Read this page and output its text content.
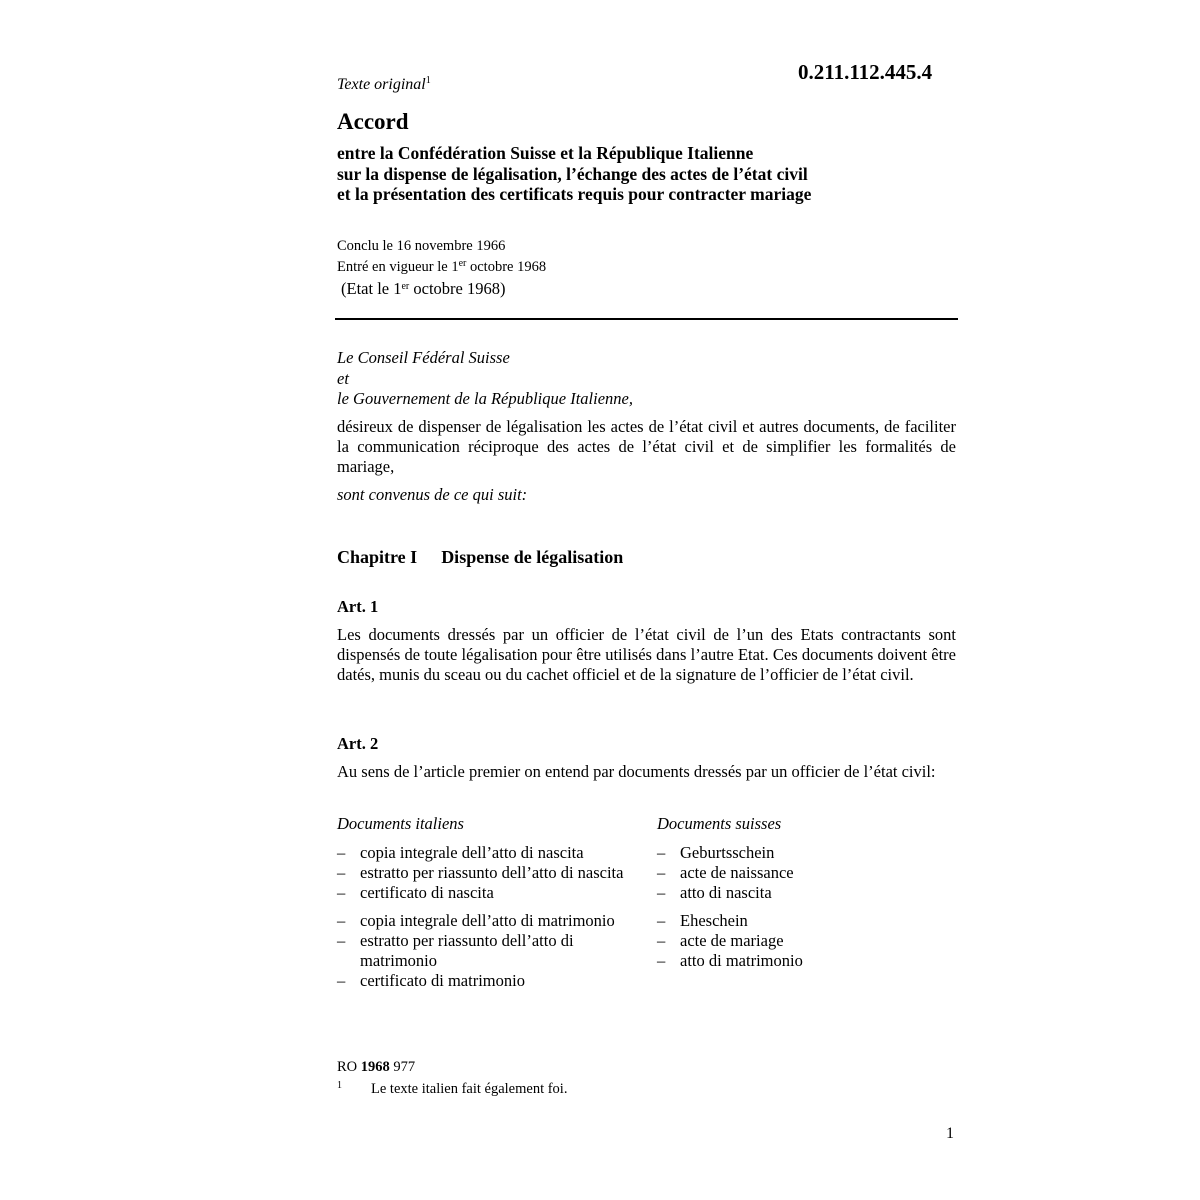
Texte original$^1$	0.211.112.445.4
Accord
entre la Confédération Suisse et la République Italienne
sur la dispense de légalisation, l’échange des actes de l’état civil
et la présentation des certificats requis pour contracter mariage
Conclu le 16 novembre 1966
Entré en vigueur le 1er octobre 1968
(Etat le 1er octobre 1968)
Le Conseil Fédéral Suisse
et
le Gouvernement de la République Italienne,
désireux de dispenser de légalisation les actes de l’état civil et autres documents, de faciliter la communication réciproque des actes de l’état civil et de simplifier les formalités de mariage,
sont convenus de ce qui suit:
Chapitre I Dispense de légalisation
Art. 1
Les documents dressés par un officier de l’état civil de l’un des Etats contractants sont dispensés de toute légalisation pour être utilisés dans l’autre Etat. Ces documents doivent être datés, munis du sceau ou du cachet officiel et de la signature de l’officier de l’état civil.
Art. 2
Au sens de l’article premier on entend par documents dressés par un officier de l’état civil:
Documents italiens
– copia integrale dell’atto di nascita
– estratto per riassunto dell’atto di nascita
– certificato di nascita
– copia integrale dell’atto di matrimonio
– estratto per riassunto dell’atto di
matrimonio
– certificato di matrimonio
Documents suisses
– Geburtsschein
– acte de naissance
– atto di nascita
– Eheschein
– acte de mariage
– atto di matrimonio
RO 1968 977
1 Le texte italien fait également foi.
1
